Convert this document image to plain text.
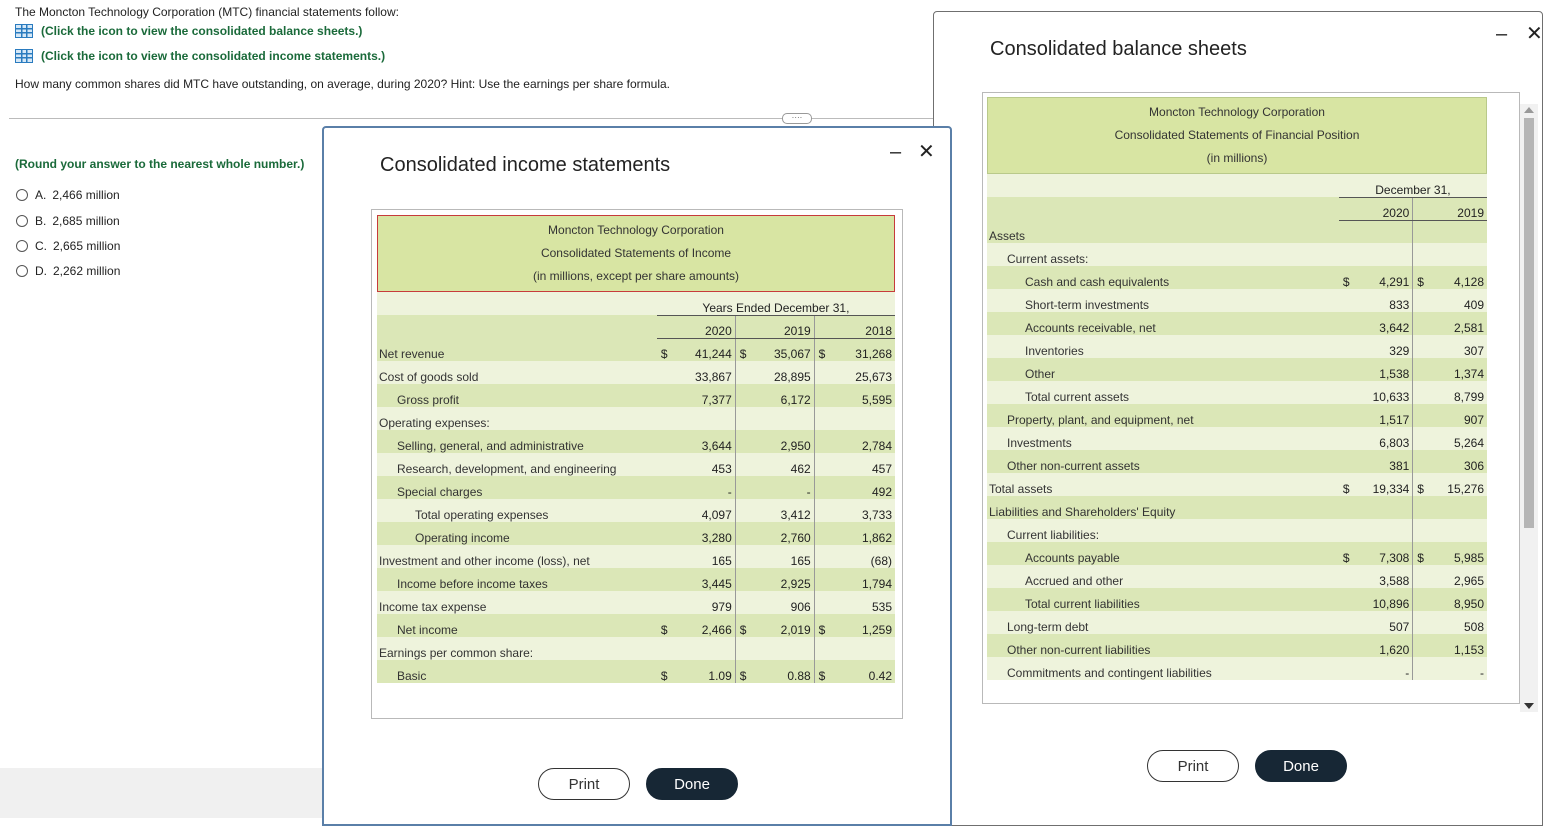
The Moncton Technology Corporation (MTC) financial statements follow:
(Click the icon to view the consolidated balance sheets.)
(Click the icon to view the consolidated income statements.)
How many common shares did MTC have outstanding, on average, during 2020? Hint: Use the earnings per share formula.
····
(Round your answer to the nearest whole number.)
A. 2,466 million
B. 2,685 million
C. 2,665 million
D. 2,262 million
Consolidated balance sheets
– ✕
Moncton Technology Corporation
Consolidated Statements of Financial Position
(in millions)
	December 31,			
	2020		2019	
Assets				
Current assets:				
Cash and cash equivalents	$	4,291	$	4,128
Short-term investments		833		409
Accounts receivable, net		3,642		2,581
Inventories		329		307
Other		1,538		1,374
Total current assets		10,633		8,799
Property, plant, and equipment, net		1,517		907
Investments		6,803		5,264
Other non-current assets		381		306
Total assets	$	19,334	$	15,276
Liabilities and Shareholders' Equity				
Current liabilities:				
Accounts payable	$	7,308	$	5,985
Accrued and other		3,588		2,965
Total current liabilities		10,896		8,950
Long-term debt		507		508
Other non-current liabilities		1,620		1,153
Commitments and contingent liabilities		-		-
Print	Done
Consolidated income statements
– ✕
Moncton Technology Corporation
Consolidated Statements of Income
(in millions, except per share amounts)
	Years Ended December 31,					
	2020		2019		2018	
Net revenue	$	41,244	$	35,067	$	31,268
Cost of goods sold		33,867		28,895		25,673
Gross profit		7,377		6,172		5,595
Operating expenses:						
Selling, general, and administrative		3,644		2,950		2,784
Research, development, and engineering		453		462		457
Special charges		-		-		492
Total operating expenses		4,097		3,412		3,733
Operating income		3,280		2,760		1,862
Investment and other income (loss), net		165		165		(68)
Income before income taxes		3,445		2,925		1,794
Income tax expense		979		906		535
Net income	$	2,466	$	2,019	$	1,259
Earnings per common share:						
Basic	$	1.09	$	0.88	$	0.42
Print	Done
